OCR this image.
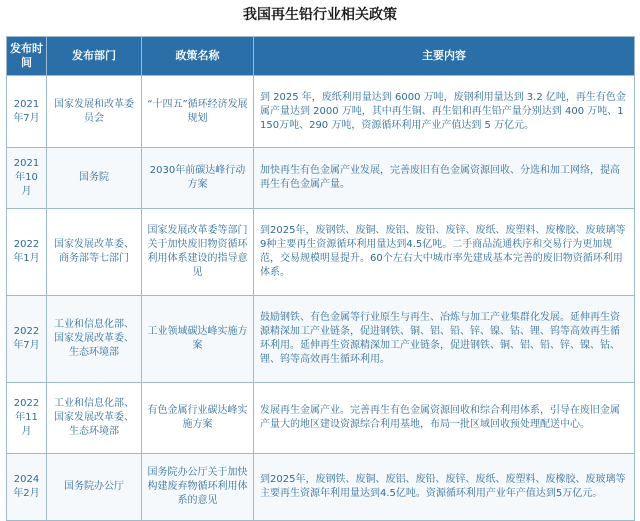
我国再生铅行业相关政策
发布时间	发布部门	政策名称	主要内容
2021年7月	国家发展和改革委员会	“十四五”循环经济发展规划	到 2025 年，废纸利用量达到 6000 万吨，废钢利用量达到 3.2 亿吨，再生有色金属产量达到 2000 万吨，其中再生铜、再生铝和再生铅产量分别达到 400 万吨、1150万吨、290 万吨，资源循环利用产业产值达到 5 万亿元。
2021年10月	国务院	2030年前碳达峰行动方案	加快再生有色金属产业发展，完善废旧有色金属资源回收、分选和加工网络，提高再生有色金属产量。
2022年1月	国家发展改革委、商务部等七部门	国家发展改革委等部门关于加快废旧物资循环利用体系建设的指导意见	到2025年，废钢铁、废铜、废铝、废铅、废锌、废纸、废塑料、废橡胶、废玻璃等9种主要再生资源循环利用量达到4.5亿吨。二手商品流通秩序和交易行为更加规范，交易规模明显提升。60个左右大中城市率先建成基本完善的废旧物资循环利用体系。
2022年7月	工业和信息化部、国家发展改革委、生态环境部	工业领域碳达峰实施方案	鼓励钢铁、有色金属等行业原生与再生、冶炼与加工产业集群化发展。延伸再生资源精深加工产业链条，促进钢铁、铜、铝、铅、锌、镍、钴、锂、钨等高效再生循环利用。延伸再生资源精深加工产业链条，促进钢铁、铜、铝、铅、锌、镍、钴、锂、钨等高效再生循环利用。
2022年11月	工业和信息化部、国家发展改革委、生态环境部	有色金属行业碳达峰实施方案	发展再生金属产业。完善再生有色金属资源回收和综合利用体系，引导在废旧金属产量大的地区建设资源综合利用基地，布局一批区域回收预处理配送中心。
2024年2月	国务院办公厅	国务院办公厅关于加快构建废弃物循环利用体系的意见	到2025年，废钢铁、废铜、废铝、废铅、废锌、废纸、废塑料、废橡胶、废玻璃等主要再生资源年利用量达到4.5亿吨。资源循环利用产业年产值达到5万亿元。
